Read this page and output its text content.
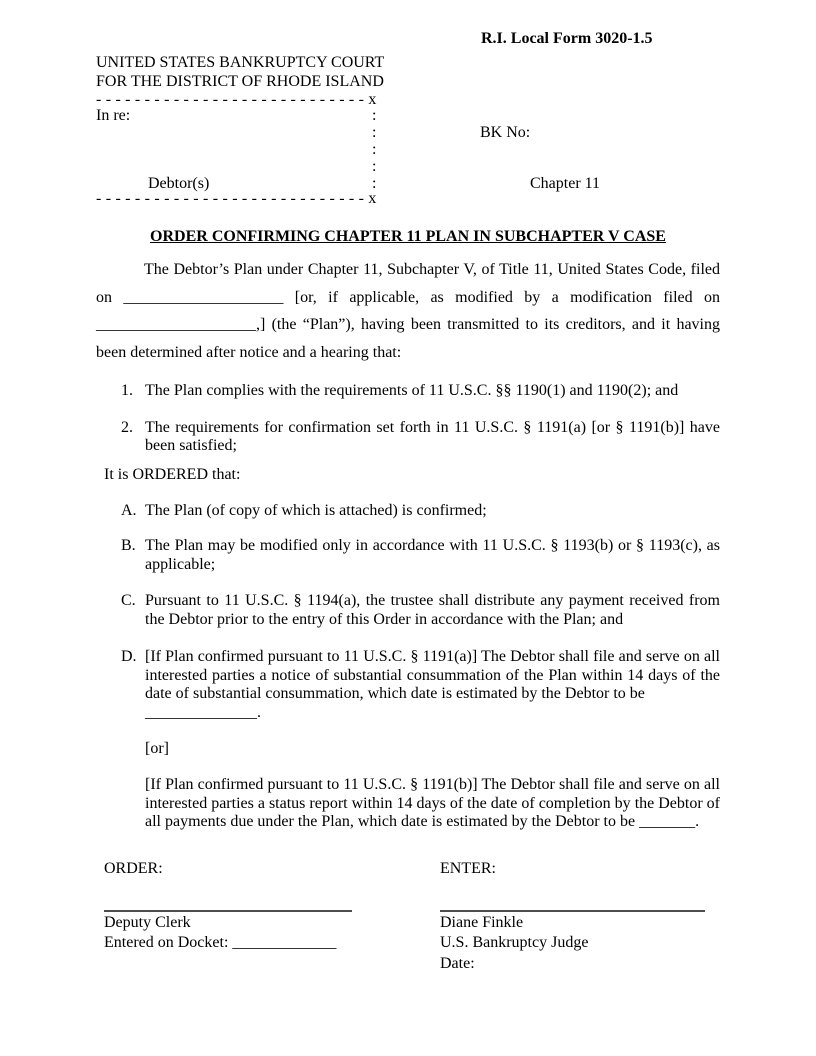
R.I. Local Form 3020-1.5
UNITED STATES BANKRUPTCY COURT
FOR THE DISTRICT OF RHODE ISLAND
- - - - - - - - - - - - - - - - - - - - - - - - - - - - x
In re:	:
:	BK No:
:
:
Debtor(s)	:	Chapter 11
- - - - - - - - - - - - - - - - - - - - - - - - - - - - x
ORDER CONFIRMING CHAPTER 11 PLAN IN SUBCHAPTER V CASE

The Debtor’s Plan under Chapter 11, Subchapter V, of Title 11, United States Code, filed on ____________________ [or, if applicable, as modified by a modification filed on ____________________,] (the “Plan”), having been transmitted to its creditors, and it having been determined after notice and a hearing that:

1. The Plan complies with the requirements of 11 U.S.C. §§ 1190(1) and 1190(2); and
2. The requirements for confirmation set forth in 11 U.S.C. § 1191(a) [or § 1191(b)] have been satisfied;
It is ORDERED that:
A. The Plan (of copy of which is attached) is confirmed;
B. The Plan may be modified only in accordance with 11 U.S.C. § 1193(b) or § 1193(c), as applicable;
C. Pursuant to 11 U.S.C. § 1194(a), the trustee shall distribute any payment received from the Debtor prior to the entry of this Order in accordance with the Plan; and
D. [If Plan confirmed pursuant to 11 U.S.C. § 1191(a)] The Debtor shall file and serve on all interested parties a notice of substantial consummation of the Plan within 14 days of the date of substantial consummation, which date is estimated by the Debtor to be
______________.
[or]
[If Plan confirmed pursuant to 11 U.S.C. § 1191(b)] The Debtor shall file and serve on all interested parties a status report within 14 days of the date of completion by the Debtor of all payments due under the Plan, which date is estimated by the Debtor to be _______.
ORDER:
Deputy Clerk
Entered on Docket: _____________
ENTER:
Diane Finkle
U.S. Bankruptcy Judge
Date:
